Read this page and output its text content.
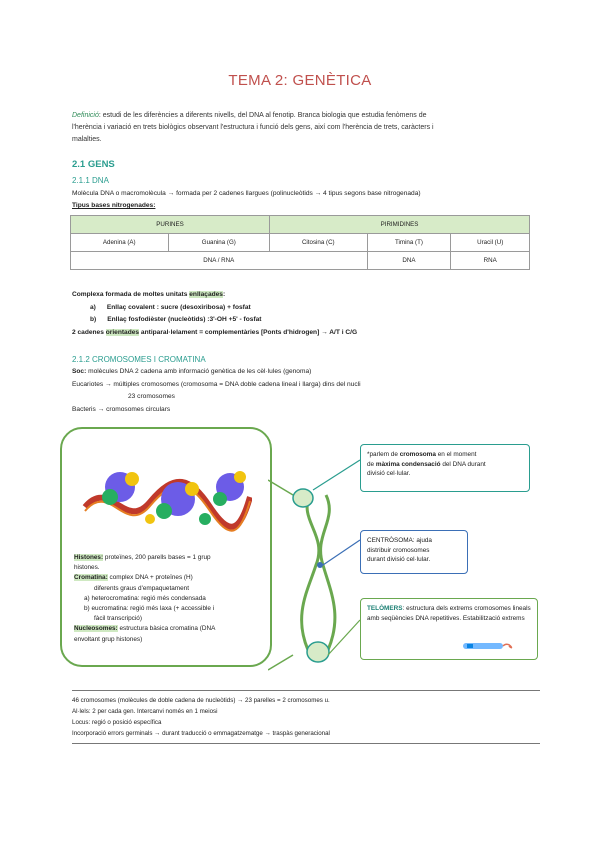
TEMA 2: GENÈTICA
Definició: estudi de les diferències a diferents nivells, del DNA al fenotip. Branca biologia que estudia fenòmens de
l'herència i variació en trets biològics observant l'estructura i funció dels gens, així com l'herència de trets, caràcters i
malalties.
2.1 GENS
2.1.1 DNA
Molècula DNA o macromolècula → formada per 2 cadenes llargues (polinucleòtids → 4 tipus segons base nitrogenada)
Tipus bases nitrogenades:
PURINES		PIRIMIDINES		
Adenina (A)	Guanina (G)	Citosina (C)	Timina (T)	Uracil (U)
DNA / RNA			DNA	RNA
Complexa formada de moltes unitats enllaçades:
a) Enllaç covalent : sucre (desoxiribosa) + fosfat
b) Enllaç fosfodièster (nucleòtids) :3'-OH +5' - fosfat
2 cadenes orientades antiparal·lelament = complementàries [Ponts d'hidrogen] → A/T i C/G
2.1.2 CROMOSOMES I CROMATINA
Soc: molècules DNA 2 cadena amb informació genètica de les cèl·lules (genoma)
Eucariotes → múltiples cromosomes (cromosoma = DNA doble cadena lineal i llarga) dins del nucli
23 cromosomes
Bacteris → cromosomes circulars
Histones: proteïnes, 200 parells bases = 1 grup
histones.
Cromatina: complex DNA + proteïnes (H)
diferents graus d'empaquetament
a) heterocromatina: regió més condensada
b) eucromatina: regió més laxa (+ accessible i
fàcil transcripció)
Nucleosomes: estructura bàsica cromatina (DNA
envoltant grup histones)
*parlem de cromosoma en el moment
de màxima condensació del DNA durant
divisió cel·lular.
CENTRÒSOMA: ajuda
distribuir cromosomes
durant divisió cel·lular.
TELÒMERS: estructura dels extrems cromosomes lineals
amb seqüències DNA repetitives. Estabilització extrems
46 cromosomes (molècules de doble cadena de nucleòtids) → 23 parelles = 2 cromosomes u.
Al·lels: 2 per cada gen. Intercanvi només en 1 meiosi
Locus: regió o posició específica
Incorporació errors germinals → durant traducció o emmagatzematge → traspàs generacional
